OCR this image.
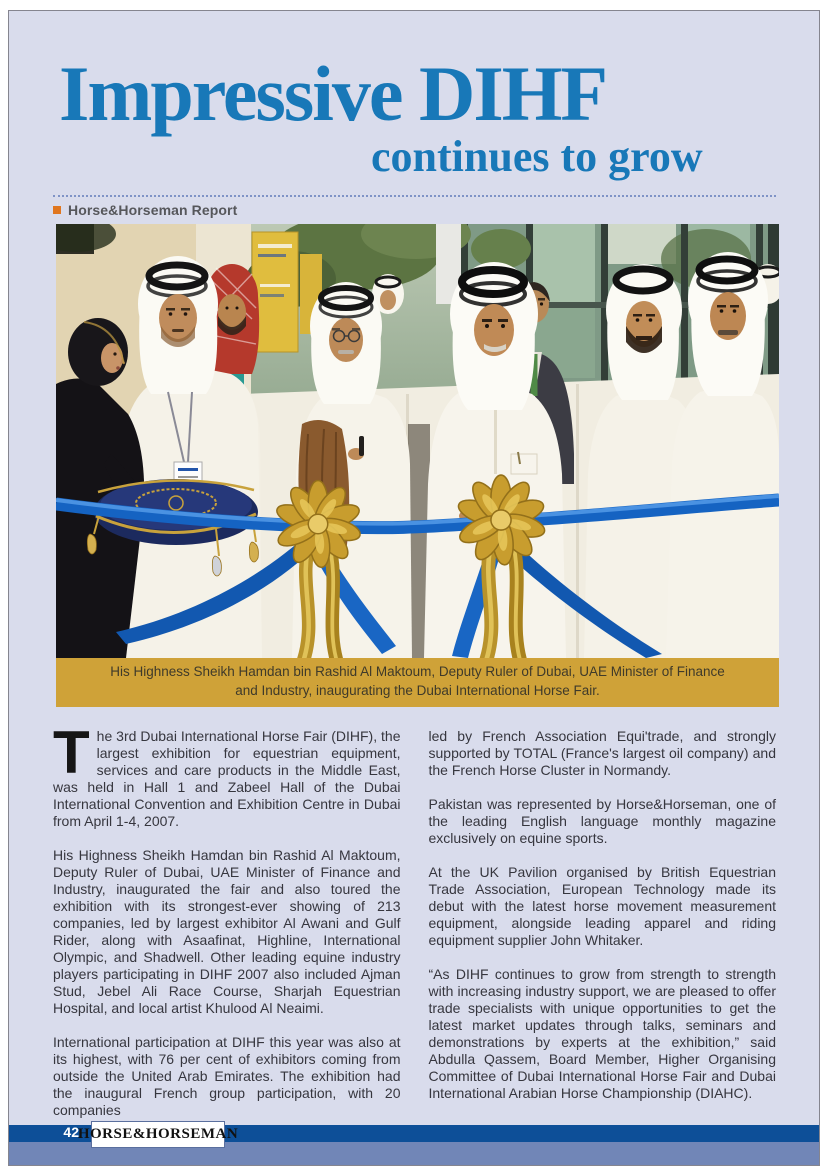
Impressive DIHF
continues to grow
Horse&Horseman Report
His Highness Sheikh Hamdan bin Rashid Al Maktoum, Deputy Ruler of Dubai, UAE Minister of Finance and Industry, inaugurating the Dubai International Horse Fair.

The 3rd Dubai International Horse Fair (DIHF), the largest exhibition for equestrian equipment, services and care products in the Middle East, was held in Hall 1 and Zabeel Hall of the Dubai International Convention and Exhibition Centre in Dubai from April 1-4, 2007.

His Highness Sheikh Hamdan bin Rashid Al Maktoum, Deputy Ruler of Dubai, UAE Minister of Finance and Industry, inaugurated the fair and also toured the exhibition with its strongest-ever showing of 213 companies, led by largest exhibitor Al Awani and Gulf Rider, along with Asaafinat, Highline, International Olympic, and Shadwell. Other leading equine industry players participating in DIHF 2007 also included Ajman Stud, Jebel Ali Race Course, Sharjah Equestrian Hospital, and local artist Khulood Al Neaimi.

International participation at DIHF this year was also at its highest, with 76 per cent of exhibitors coming from outside the United Arab Emirates. The exhibition had the inaugural French group participation, with 20 companies

led by French Association Equi'trade, and strongly supported by TOTAL (France's largest oil company) and the French Horse Cluster in Normandy.

Pakistan was represented by Horse&Horseman, one of the leading English language monthly magazine exclusively on equine sports.

At the UK Pavilion organised by British Equestrian Trade Association, European Technology made its debut with the latest horse movement measurement equipment, alongside leading apparel and riding equipment supplier John Whitaker.

“As DIHF continues to grow from strength to strength with increasing industry support, we are pleased to offer trade specialists with unique opportunities to get the latest market updates through talks, seminars and demonstrations by experts at the exhibition,” said Abdulla Qassem, Board Member, Higher Organising Committee of Dubai International Horse Fair and Dubai International Arabian Horse Championship (DIAHC).

42
HORSE&HORSEMAN
